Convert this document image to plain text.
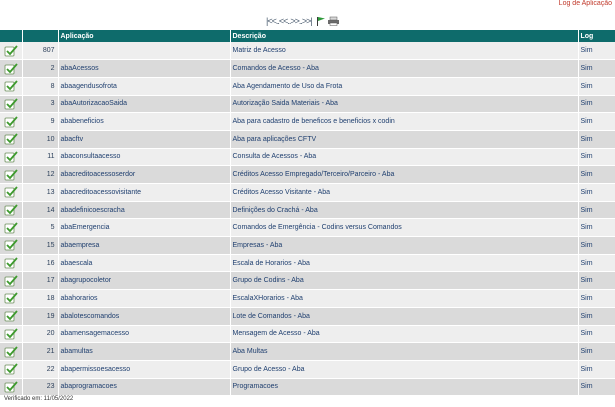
Log de Aplicação
|<<..<<..>>..>>|
		Aplicação	Descrição	Log

	807		Matriz de Acesso	Sim

	2	abaAcessos	Comandos de Acesso - Aba	Sim

	8	abaagendusofrota	Aba Agendamento de Uso da Frota	Sim

	3	abaAutorizacaoSaida	Autorização Saida Materiais - Aba	Sim

	9	ababeneficios	Aba para cadastro de beneficos e beneficios x codin	Sim

	10	abacftv	Aba para aplicações CFTV	Sim

	11	abaconsultaacesso	Consulta de Acessos - Aba	Sim

	12	abacreditoacessoserdor	Créditos Acesso Empregado/Terceiro/Parceiro - Aba	Sim

	13	abacreditoacessovisitante	Créditos Acesso Visitante - Aba	Sim

	14	abadefinicoescracha	Definições do Crachá - Aba	Sim

	5	abaEmergencia	Comandos de Emergência - Codins versus Comandos	Sim

	15	abaempresa	Empresas - Aba	Sim

	16	abaescala	Escala de Horarios - Aba	Sim

	17	abagrupocoletor	Grupo de Codins - Aba	Sim

	18	abahorarios	EscalaXHorarios - Aba	Sim

	19	abalotescomandos	Lote de Comandos - Aba	Sim

	20	abamensagemacesso	Mensagem de Acesso - Aba	Sim

	21	abamultas	Aba Multas	Sim

	22	abapermissoesacesso	Grupo de Acesso - Aba	Sim

	23	abaprogramacoes	Programacoes	Sim
Verificado em: 11/05/2022
